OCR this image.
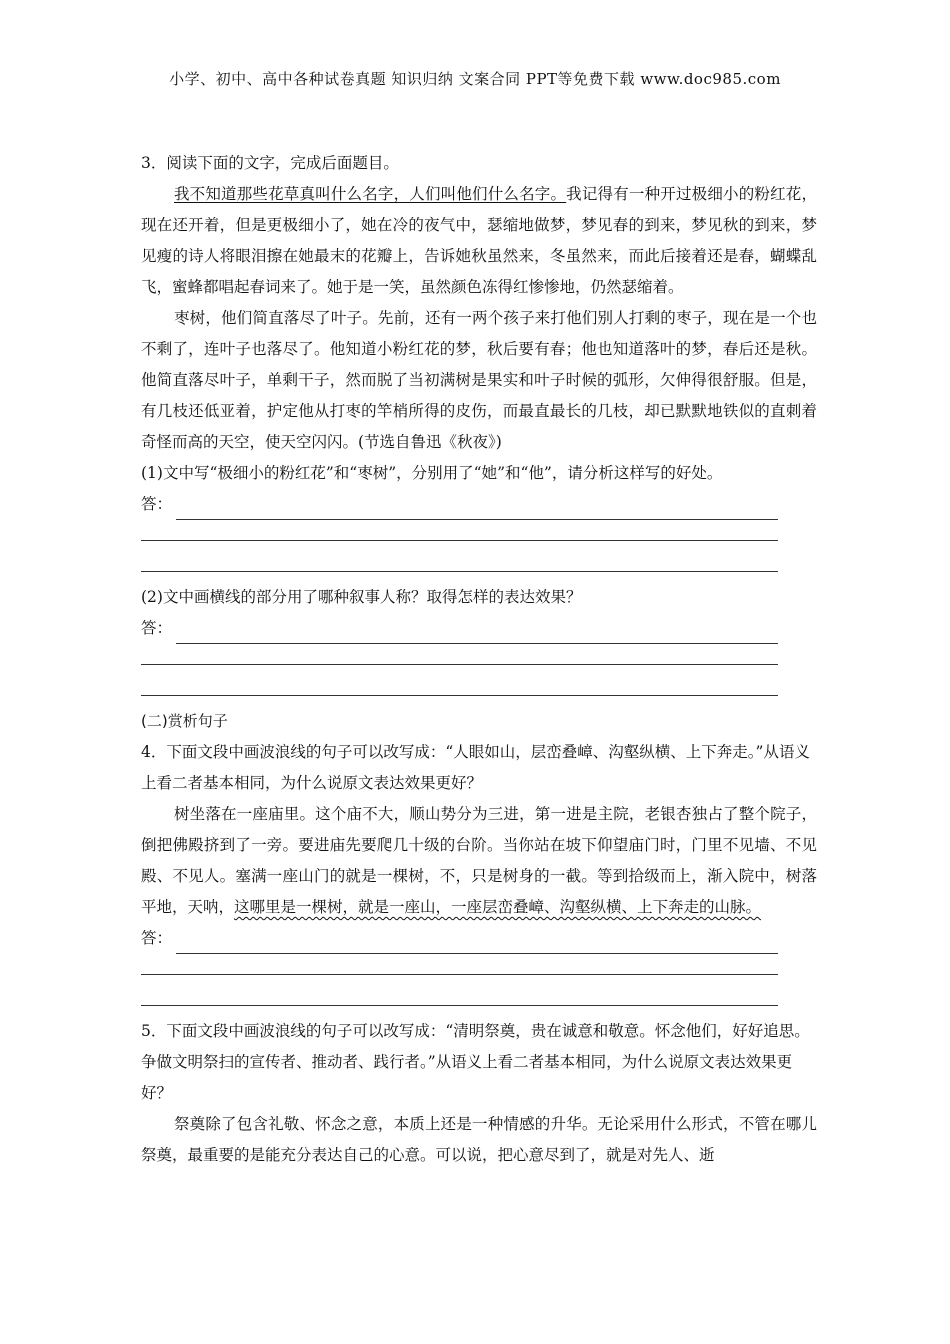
小学、初中、高中各种试卷真题 知识归纳 文案合同 PPT等免费下载 www.doc985.com

3．阅读下面的文字，完成后面题目。

我不知道那些花草真叫什么名字，人们叫他们什么名字。我记得有一种开过极细小的粉红花，现在还开着，但是更极细小了，她在冷的夜气中，瑟缩地做梦，梦见春的到来，梦见秋的到来，梦见瘦的诗人将眼泪擦在她最末的花瓣上，告诉她秋虽然来，冬虽然来，而此后接着还是春，蝴蝶乱飞，蜜蜂都唱起春词来了。她于是一笑，虽然颜色冻得红惨惨地，仍然瑟缩着。

枣树，他们简直落尽了叶子。先前，还有一两个孩子来打他们别人打剩的枣子，现在是一个也不剩了，连叶子也落尽了。他知道小粉红花的梦，秋后要有春；他也知道落叶的梦，春后还是秋。他简直落尽叶子，单剩干子，然而脱了当初满树是果实和叶子时候的弧形，欠伸得很舒服。但是，有几枝还低亚着，护定他从打枣的竿梢所得的皮伤，而最直最长的几枝，却已默默地铁似的直刺着奇怪而高的天空，使天空闪闪。(节选自鲁迅《秋夜》)

(1)文中写“极细小的粉红花”和“枣树”，分别用了“她”和“他”，请分析这样写的好处。

答：

(2)文中画横线的部分用了哪种叙事人称？取得怎样的表达效果？

答：

(二)赏析句子

4．下面文段中画波浪线的句子可以改写成：“人眼如山，层峦叠嶂、沟壑纵横、上下奔走。”从语义上看二者基本相同，为什么说原文表达效果更好？

树坐落在一座庙里。这个庙不大，顺山势分为三进，第一进是主院，老银杏独占了整个院子，倒把佛殿挤到了一旁。要进庙先要爬几十级的台阶。当你站在坡下仰望庙门时，门里不见墙、不见殿、不见人。塞满一座山门的就是一棵树，不，只是树身的一截。等到拾级而上，渐入院中，树落平地，天呐，这哪里是一棵树，就是一座山，一座层峦叠嶂、沟壑纵横、上下奔走的山脉。

答：

5．下面文段中画波浪线的句子可以改写成：“清明祭奠，贵在诚意和敬意。怀念他们，好好追思。争做文明祭扫的宣传者、推动者、践行者。”从语义上看二者基本相同，为什么说原文表达效果更好？

祭奠除了包含礼敬、怀念之意，本质上还是一种情感的升华。无论采用什么形式，不管在哪儿祭奠，最重要的是能充分表达自己的心意。可以说，把心意尽到了，就是对先人、逝
